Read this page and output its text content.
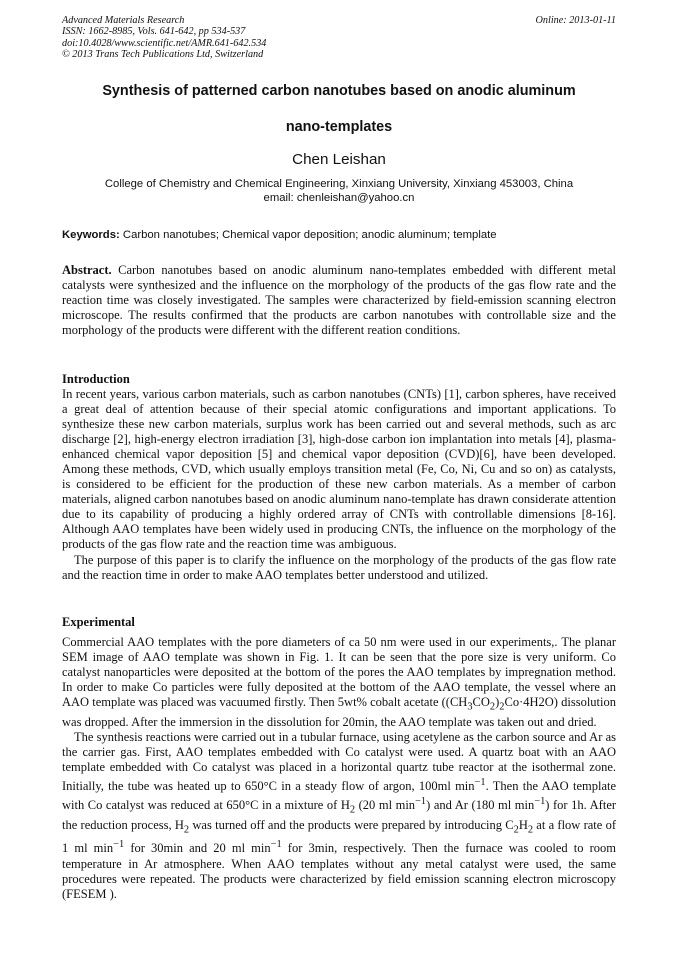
Advanced Materials Research
ISSN: 1662-8985, Vols. 641-642, pp 534-537
doi:10.4028/www.scientific.net/AMR.641-642.534
© 2013 Trans Tech Publications Ltd, Switzerland
Online: 2013-01-11
Synthesis of patterned carbon nanotubes based on anodic aluminum
nano-templates
Chen Leishan
College of Chemistry and Chemical Engineering, Xinxiang University, Xinxiang 453003, China
email: chenleishan@yahoo.cn
Keywords: Carbon nanotubes; Chemical vapor deposition; anodic aluminum; template
Abstract. Carbon nanotubes based on anodic aluminum nano-templates embedded with different metal catalysts were synthesized and the influence on the morphology of the products of the gas flow rate and the reaction time was closely investigated. The samples were characterized by field-emission scanning electron microscope. The results confirmed that the products are carbon nanotubes with controllable size and the morphology of the products were different with the different reation conditions.
Introduction

In recent years, various carbon materials, such as carbon nanotubes (CNTs) [1], carbon spheres, have received a great deal of attention because of their special atomic configurations and important applications. To synthesize these new carbon materials, surplus work has been carried out and several methods, such as arc discharge [2], high-energy electron irradiation [3], high-dose carbon ion implantation into metals [4], plasma-enhanced chemical vapor deposition [5] and chemical vapor deposition (CVD)[6], have been developed. Among these methods, CVD, which usually employs transition metal (Fe, Co, Ni, Cu and so on) as catalysts, is considered to be efficient for the production of these new carbon materials. As a member of carbon materials, aligned carbon nanotubes based on anodic aluminum nano-template has drawn considerate attention due to its capability of producing a highly ordered array of CNTs with controllable dimensions [8-16]. Although AAO templates have been widely used in producing CNTs, the influence on the morphology of the products of the gas flow rate and the reaction time was ambiguous.

The purpose of this paper is to clarify the influence on the morphology of the products of the gas flow rate and the reaction time in order to make AAO templates better understood and utilized.

Experimental

Commercial AAO templates with the pore diameters of ca 50 nm were used in our experiments,. The planar SEM image of AAO template was shown in Fig. 1. It can be seen that the pore size is very uniform. Co catalyst nanoparticles were deposited at the bottom of the pores the AAO templates by impregnation method. In order to make Co particles were fully deposited at the bottom of the AAO template, the vessel where an AAO template was placed was vacuumed firstly. Then 5wt% cobalt acetate $((CH_3CO_2)_2Co\cdot 4H2O)$ dissolution was dropped. After the immersion in the dissolution for 20min, the AAO template was taken out and dried.

The synthesis reactions were carried out in a tubular furnace, using acetylene as the carbon source and Ar as the carrier gas. First, AAO templates embedded with Co catalyst were used. A quartz boat with an AAO template embedded with Co catalyst was placed in a horizontal quartz tube reactor at the isothermal zone. Initially, the tube was heated up to 650°C in a steady flow of argon, 100ml $\min^{-1}$. Then the AAO template with Co catalyst was reduced at 650°C in a mixture of $H_2$ (20 ml $\min^{-1}$) and Ar (180 ml $\min^{-1}$) for 1h. After the reduction process, $H_2$ was turned off and the products were prepared by introducing $C_2H_2$ at a flow rate of 1 ml $\min^{-1}$ for 30min and 20 ml $\min^{-1}$ for 3min, respectively. Then the furnace was cooled to room temperature in Ar atmosphere. When AAO templates without any metal catalyst were used, the same procedures were repeated. The products were characterized by field emission scanning electron microscopy (FESEM ).
